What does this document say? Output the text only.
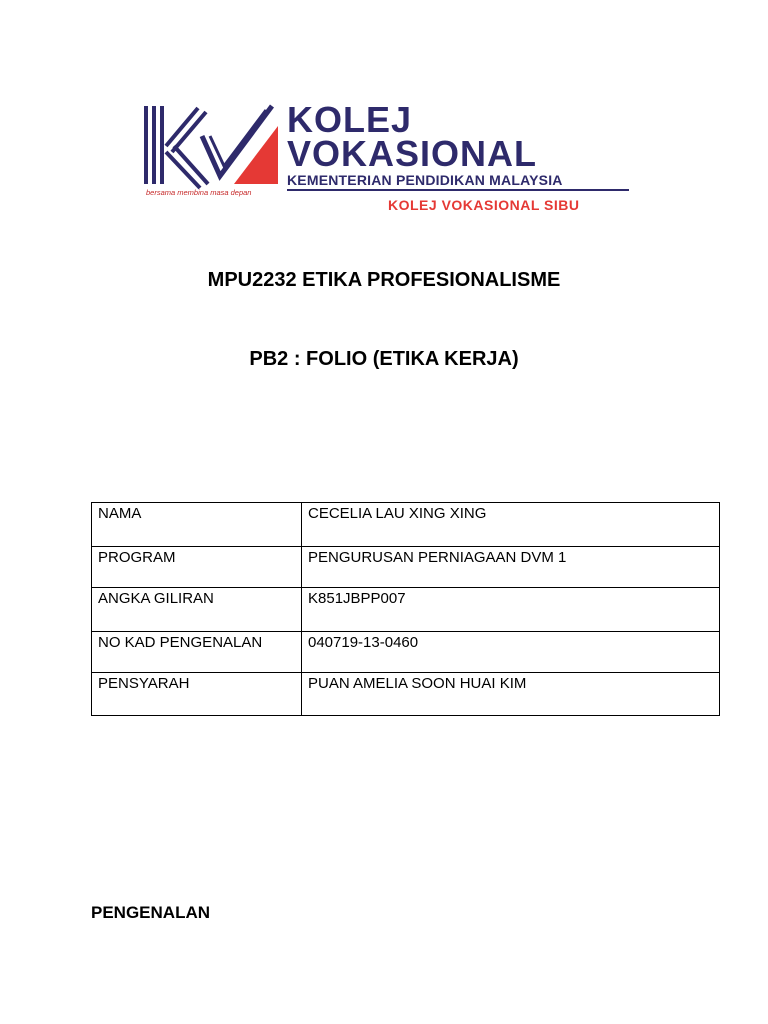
bersama membina masa depan
KOLEJ
VOKASIONAL
KEMENTERIAN PENDIDIKAN MALAYSIA
KOLEJ VOKASIONAL SIBU
MPU2232 ETIKA PROFESIONALISME
PB2 : FOLIO (ETIKA KERJA)
NAMA	CECELIA LAU XING XING
PROGRAM	PENGURUSAN PERNIAGAAN DVM 1
ANGKA GILIRAN	K851JBPP007
NO KAD PENGENALAN	040719-13-0460
PENSYARAH	PUAN AMELIA SOON HUAI KIM
PENGENALAN
